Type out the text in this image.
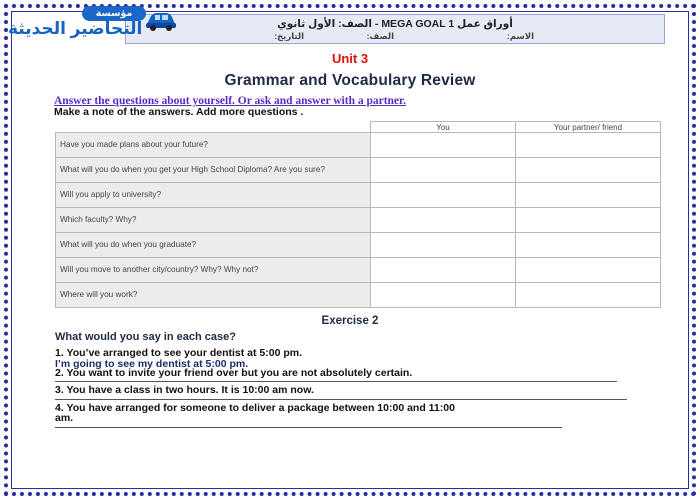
أوراق عمل MEGA GOAL 1 - الصف: الأول ثانوي
الاسم:
الصف:
التاريخ:
مؤسسة
التحاضير الحديثة
Unit 3
Grammar and Vocabulary Review
Answer the questions about yourself. Or ask and answer with a partner.
Make a note of the answers. Add more questions .
	You	Your partner/ friend
Have you made plans about your future?		
What will you do when you get your High School Diploma? Are you sure?		
Will you apply to university?		
Which faculty? Why?		
What will you do when you graduate?		
Will you move to another city/country? Why? Why not?		
Where will you work?		
Exercise 2
What would you say in each case?
1. You’ve arranged to see your dentist at 5:00 pm.
I’m going to see my dentist at 5:00 pm.
2. You want to invite your friend over but you are not absolutely certain.
3. You have a class in two hours. It is 10:00 am now.
4. You have arranged for someone to deliver a package between 10:00 and 11:00
am.
